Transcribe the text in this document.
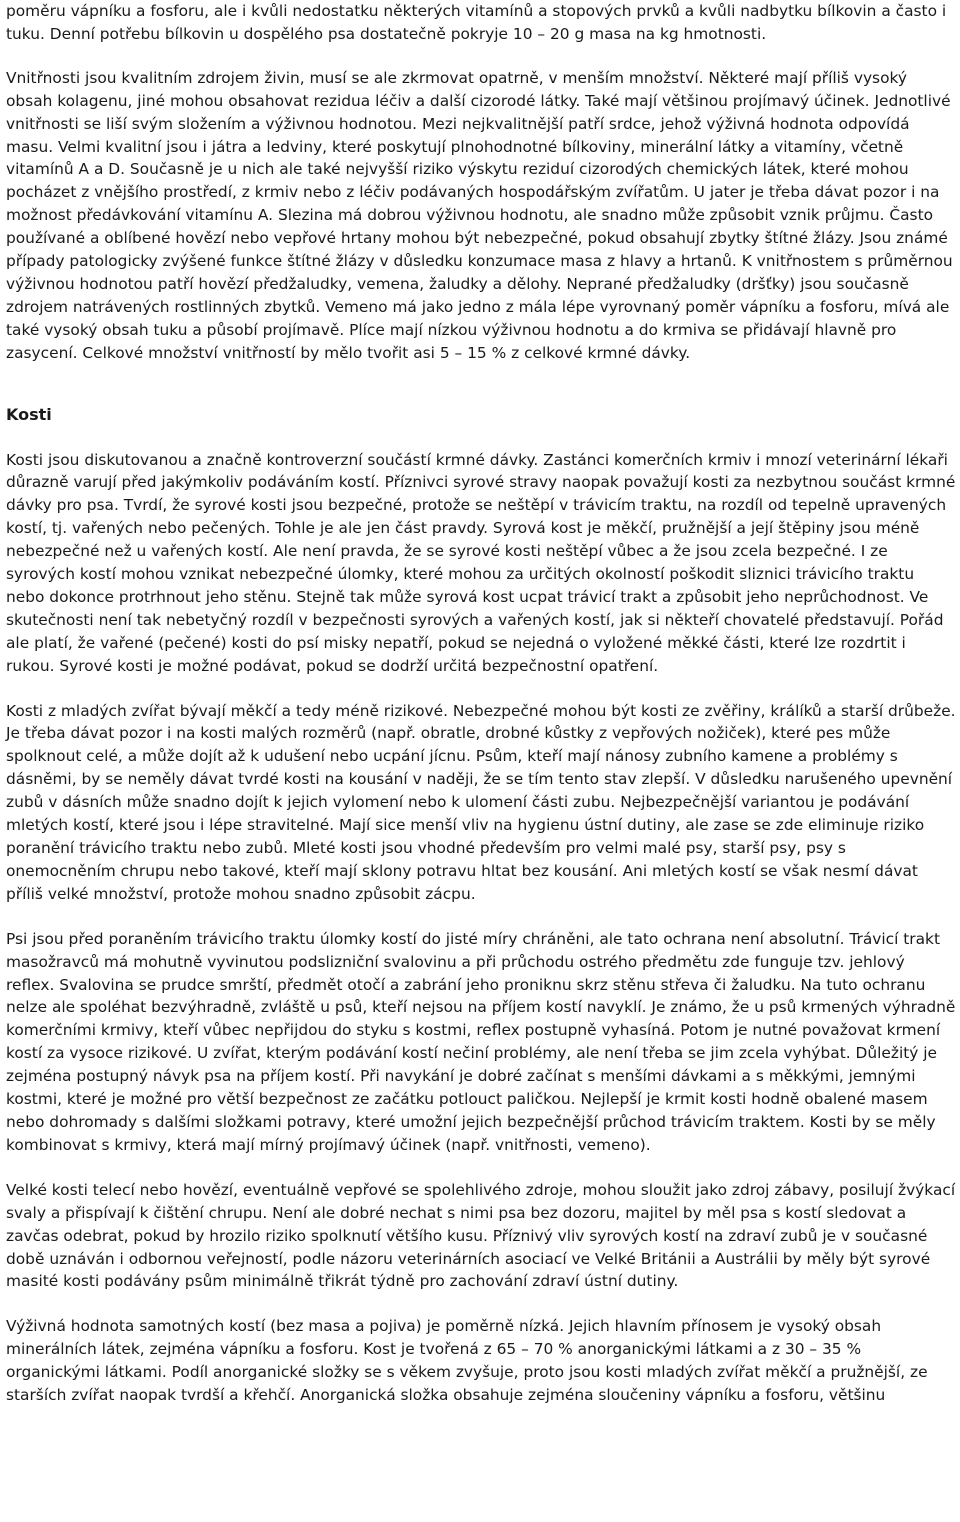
poměru vápníku a fosforu, ale i kvůli nedostatku některých vitamínů a stopových prvků a kvůli nadbytku bílkovin a často i tuku. Denní potřebu bílkovin u dospělého psa dostatečně pokryje 10 – 20 g masa na kg hmotnosti.

Vnitřnosti jsou kvalitním zdrojem živin, musí se ale zkrmovat opatrně, v menším množství. Některé mají příliš vysoký obsah kolagenu, jiné mohou obsahovat rezidua léčiv a další cizorodé látky. Také mají většinou projímavý účinek. Jednotlivé vnitřnosti se liší svým složením a výživnou hodnotou. Mezi nejkvalitnější patří srdce, jehož výživná hodnota odpovídá masu. Velmi kvalitní jsou i játra a ledviny, které poskytují plnohodnotné bílkoviny, minerální látky a vitamíny, včetně vitamínů A a D. Současně je u nich ale také nejvyšší riziko výskytu reziduí cizorodých chemických látek, které mohou pocházet z vnějšího prostředí, z krmiv nebo z léčiv podávaných hospodářským zvířatům. U jater je třeba dávat pozor i na možnost předávkování vitamínu A. Slezina má dobrou výživnou hodnotu, ale snadno může způsobit vznik průjmu. Často používané a oblíbené hovězí nebo vepřové hrtany mohou být nebezpečné, pokud obsahují zbytky štítné žlázy. Jsou známé případy patologicky zvýšené funkce štítné žlázy v důsledku konzumace masa z hlavy a hrtanů. K vnitřnostem s průměrnou výživnou hodnotou patří hovězí předžaludky, vemena, žaludky a dělohy. Neprané předžaludky (dršťky) jsou současně zdrojem natrávených rostlinných zbytků. Vemeno má jako jedno z mála lépe vyrovnaný poměr vápníku a fosforu, mívá ale také vysoký obsah tuku a působí projímavě. Plíce mají nízkou výživnou hodnotu a do krmiva se přidávají hlavně pro zasycení. Celkové množství vnitřností by mělo tvořit asi 5 – 15 % z celkové krmné dávky.

Kosti

Kosti jsou diskutovanou a značně kontroverzní součástí krmné dávky. Zastánci komerčních krmiv i mnozí veterinární lékaři důrazně varují před jakýmkoliv podáváním kostí. Příznivci syrové stravy naopak považují kosti za nezbytnou součást krmné dávky pro psa. Tvrdí, že syrové kosti jsou bezpečné, protože se neštěpí v trávicím traktu, na rozdíl od tepelně upravených kostí, tj. vařených nebo pečených. Tohle je ale jen část pravdy. Syrová kost je měkčí, pružnější a její štěpiny jsou méně nebezpečné než u vařených kostí. Ale není pravda, že se syrové kosti neštěpí vůbec a že jsou zcela bezpečné. I ze syrových kostí mohou vznikat nebezpečné úlomky, které mohou za určitých okolností poškodit sliznici trávicího traktu nebo dokonce protrhnout jeho stěnu. Stejně tak může syrová kost ucpat trávicí trakt a způsobit jeho neprůchodnost. Ve skutečnosti není tak nebetyčný rozdíl v bezpečnosti syrových a vařených kostí, jak si někteří chovatelé představují. Pořád ale platí, že vařené (pečené) kosti do psí misky nepatří, pokud se nejedná o vyložené měkké části, které lze rozdrtit i rukou. Syrové kosti je možné podávat, pokud se dodrží určitá bezpečnostní opatření.

Kosti z mladých zvířat bývají měkčí a tedy méně rizikové. Nebezpečné mohou být kosti ze zvěřiny, králíků a starší drůbeže. Je třeba dávat pozor i na kosti malých rozměrů (např. obratle, drobné kůstky z vepřových nožiček), které pes může spolknout celé, a může dojít až k udušení nebo ucpání jícnu. Psům, kteří mají nánosy zubního kamene a problémy s dásněmi, by se neměly dávat tvrdé kosti na kousání v naději, že se tím tento stav zlepší. V důsledku narušeného upevnění zubů v dásních může snadno dojít k jejich vylomení nebo k ulomení části zubu. Nejbezpečnější variantou je podávání mletých kostí, které jsou i lépe stravitelné. Mají sice menší vliv na hygienu ústní dutiny, ale zase se zde eliminuje riziko poranění trávicího traktu nebo zubů. Mleté kosti jsou vhodné především pro velmi malé psy, starší psy, psy s onemocněním chrupu nebo takové, kteří mají sklony potravu hltat bez kousání. Ani mletých kostí se však nesmí dávat příliš velké množství, protože mohou snadno způsobit zácpu.

Psi jsou před poraněním trávicího traktu úlomky kostí do jisté míry chráněni, ale tato ochrana není absolutní. Trávicí trakt masožravců má mohutně vyvinutou podslizniční svalovinu a při průchodu ostrého předmětu zde funguje tzv. jehlový reflex. Svalovina se prudce smrští, předmět otočí a zabrání jeho proniknu skrz stěnu střeva či žaludku. Na tuto ochranu nelze ale spoléhat bezvýhradně, zvláště u psů, kteří nejsou na příjem kostí navyklí. Je známo, že u psů krmených výhradně komerčními krmivy, kteří vůbec nepřijdou do styku s kostmi, reflex postupně vyhasíná. Potom je nutné považovat krmení kostí za vysoce rizikové. U zvířat, kterým podávání kostí nečiní problémy, ale není třeba se jim zcela vyhýbat. Důležitý je zejména postupný návyk psa na příjem kostí. Při navykání je dobré začínat s menšími dávkami a s měkkými, jemnými kostmi, které je možné pro větší bezpečnost ze začátku potlouct paličkou. Nejlepší je krmit kosti hodně obalené masem nebo dohromady s dalšími složkami potravy, které umožní jejich bezpečnější průchod trávicím traktem. Kosti by se měly kombinovat s krmivy, která mají mírný projímavý účinek (např. vnitřnosti, vemeno).

Velké kosti telecí nebo hovězí, eventuálně vepřové se spolehlivého zdroje, mohou sloužit jako zdroj zábavy, posilují žvýkací svaly a přispívají k čištění chrupu. Není ale dobré nechat s nimi psa bez dozoru, majitel by měl psa s kostí sledovat a zavčas odebrat, pokud by hrozilo riziko spolknutí většího kusu. Příznivý vliv syrových kostí na zdraví zubů je v současné době uznáván i odbornou veřejností, podle názoru veterinárních asociací ve Velké Británii a Austrálii by měly být syrové masité kosti podávány psům minimálně třikrát týdně pro zachování zdraví ústní dutiny.

Výživná hodnota samotných kostí (bez masa a pojiva) je poměrně nízká. Jejich hlavním přínosem je vysoký obsah minerálních látek, zejména vápníku a fosforu. Kost je tvořená z 65 – 70 % anorganickými látkami a z 30 – 35 % organickými látkami. Podíl anorganické složky se s věkem zvyšuje, proto jsou kosti mladých zvířat měkčí a pružnější, ze starších zvířat naopak tvrdší a křehčí. Anorganická složka obsahuje zejména sloučeniny vápníku a fosforu, většinu
